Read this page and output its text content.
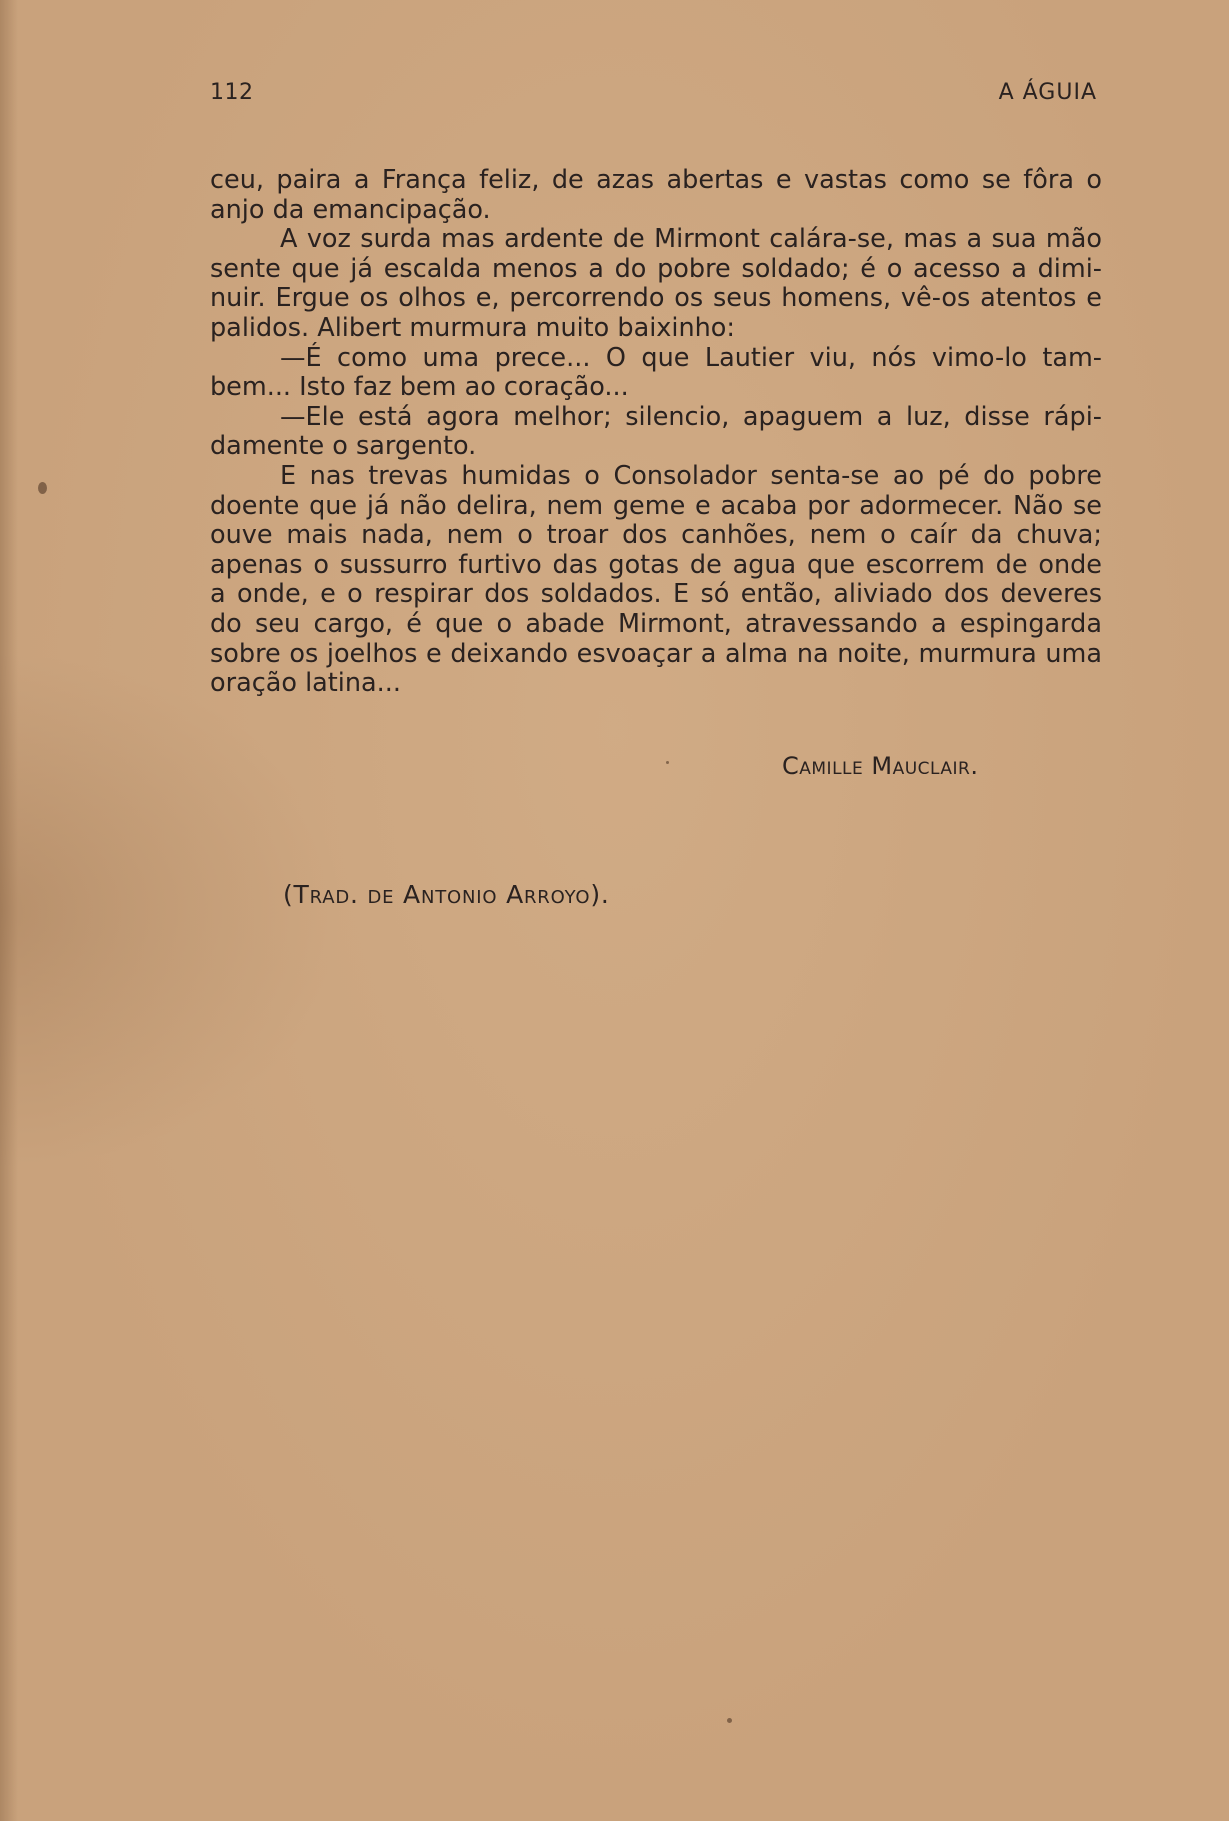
112	A ÁGUIA
ceu, paira a França feliz, de azas abertas e vastas como se fôra o
anjo da emancipação.
A voz surda mas ardente de Mirmont calára-se, mas a sua mão
sente que já escalda menos a do pobre soldado; é o acesso a dimi-
nuir. Ergue os olhos e, percorrendo os seus homens, vê-os atentos e
palidos. Alibert murmura muito baixinho:
—É como uma prece... O que Lautier viu, nós vimo-lo tam-
bem... Isto faz bem ao coração...
—Ele está agora melhor; silencio, apaguem a luz, disse rápi-
damente o sargento.
E nas trevas humidas o Consolador senta-se ao pé do pobre
doente que já não delira, nem geme e acaba por adormecer. Não se
ouve mais nada, nem o troar dos canhões, nem o caír da chuva;
apenas o sussurro furtivo das gotas de agua que escorrem de onde
a onde, e o respirar dos soldados. E só então, aliviado dos deveres
do seu cargo, é que o abade Mirmont, atravessando a espingarda
sobre os joelhos e deixando esvoaçar a alma na noite, murmura uma
oração latina...
Camille Mauclair.
(Trad. de Antonio Arroyo).
